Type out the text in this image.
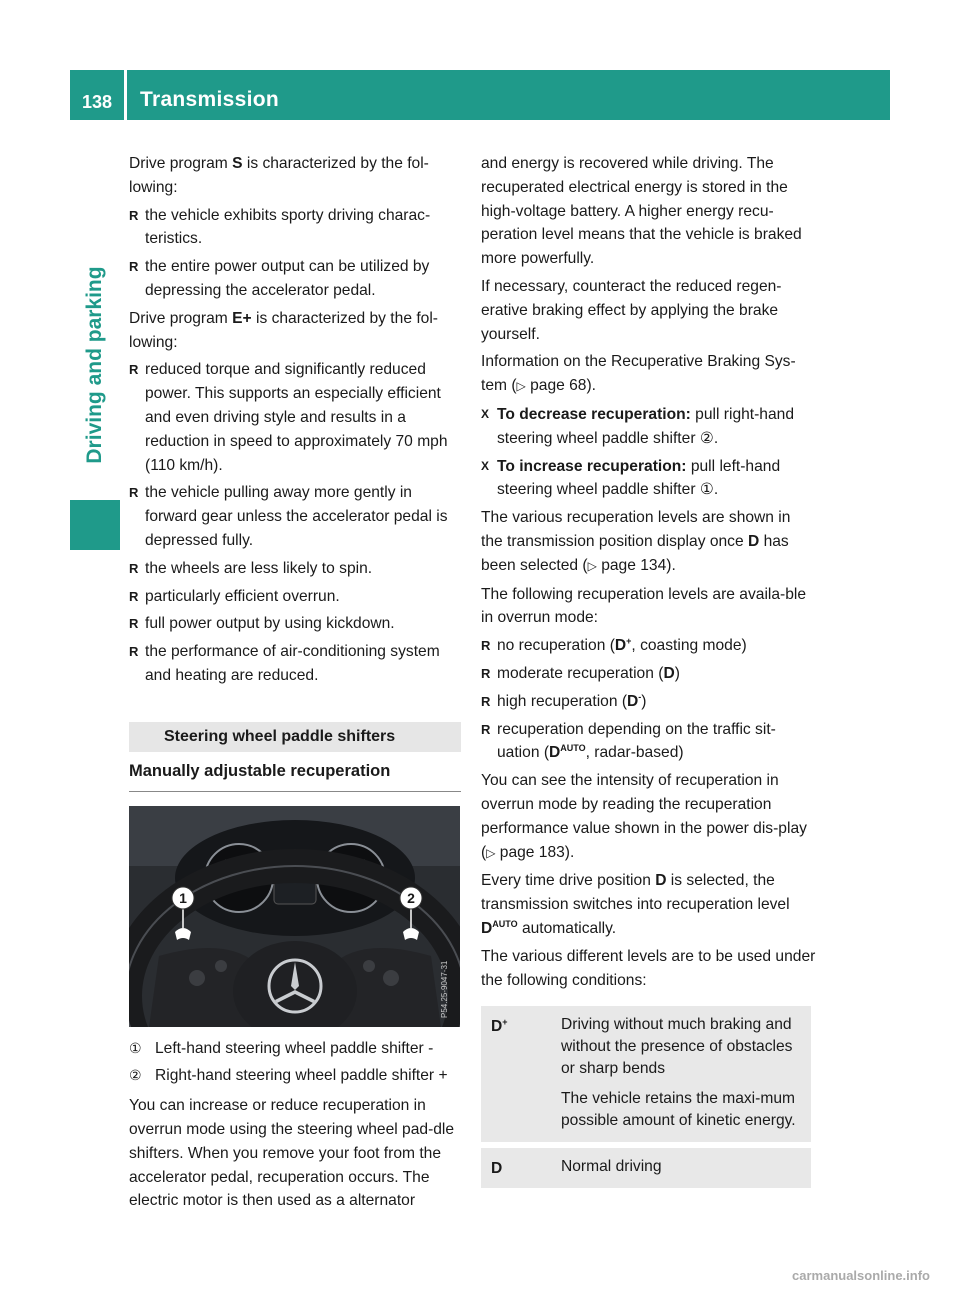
138 Transmission
Driving and parking

Drive program S is characterized by the fol-lowing:

R the vehicle exhibits sporty driving charac-teristics.
R the entire power output can be utilized by depressing the accelerator pedal.

Drive program E+ is characterized by the fol-lowing:

R reduced torque and significantly reduced power. This supports an especially efficient and even driving style and results in a reduction in speed to approximately 70 mph (110 km/h).
R the vehicle pulling away more gently in forward gear unless the accelerator pedal is depressed fully.
R the wheels are less likely to spin.
R particularly efficient overrun.
R full power output by using kickdown.
R the performance of air-conditioning system and heating are reduced.
Steering wheel paddle shifters
Manually adjustable recuperation
1	2
P54.25-9047-31
① Left-hand steering wheel paddle shifter -
② Right-hand steering wheel paddle shifter +

You can increase or reduce recuperation in overrun mode using the steering wheel pad-dle shifters. When you remove your foot from the accelerator pedal, recuperation occurs. The electric motor is then used as a alternator

and energy is recovered while driving. The recuperated electrical energy is stored in the high-voltage battery. A higher energy recu-peration level means that the vehicle is braked more powerfully.

If necessary, counteract the reduced regen-erative braking effect by applying the brake yourself.

Information on the Recuperative Braking Sys-tem (▷ page 68).

X To decrease recuperation: pull right-hand steering wheel paddle shifter ②.
X To increase recuperation: pull left-hand steering wheel paddle shifter ①.

The various recuperation levels are shown in the transmission position display once D has been selected (▷ page 134).

The following recuperation levels are availa-ble in overrun mode:

R no recuperation (D+, coasting mode)
R moderate recuperation (D)
R high recuperation (D-)
R recuperation depending on the traffic sit-uation ($D^{AUTO}$, radar-based)

You can see the intensity of recuperation in overrun mode by reading the recuperation performance value shown in the power dis-play (▷ page 183).

Every time drive position D is selected, the transmission switches into recuperation level $D^{AUTO}$ automatically.

The various different levels are to be used under the following conditions:

D+	Driving without much braking and without the presence of obstacles or sharp bends

The vehicle retains the maxi-mum possible amount of kinetic energy.

D	Normal driving

carmanualsonline.info
